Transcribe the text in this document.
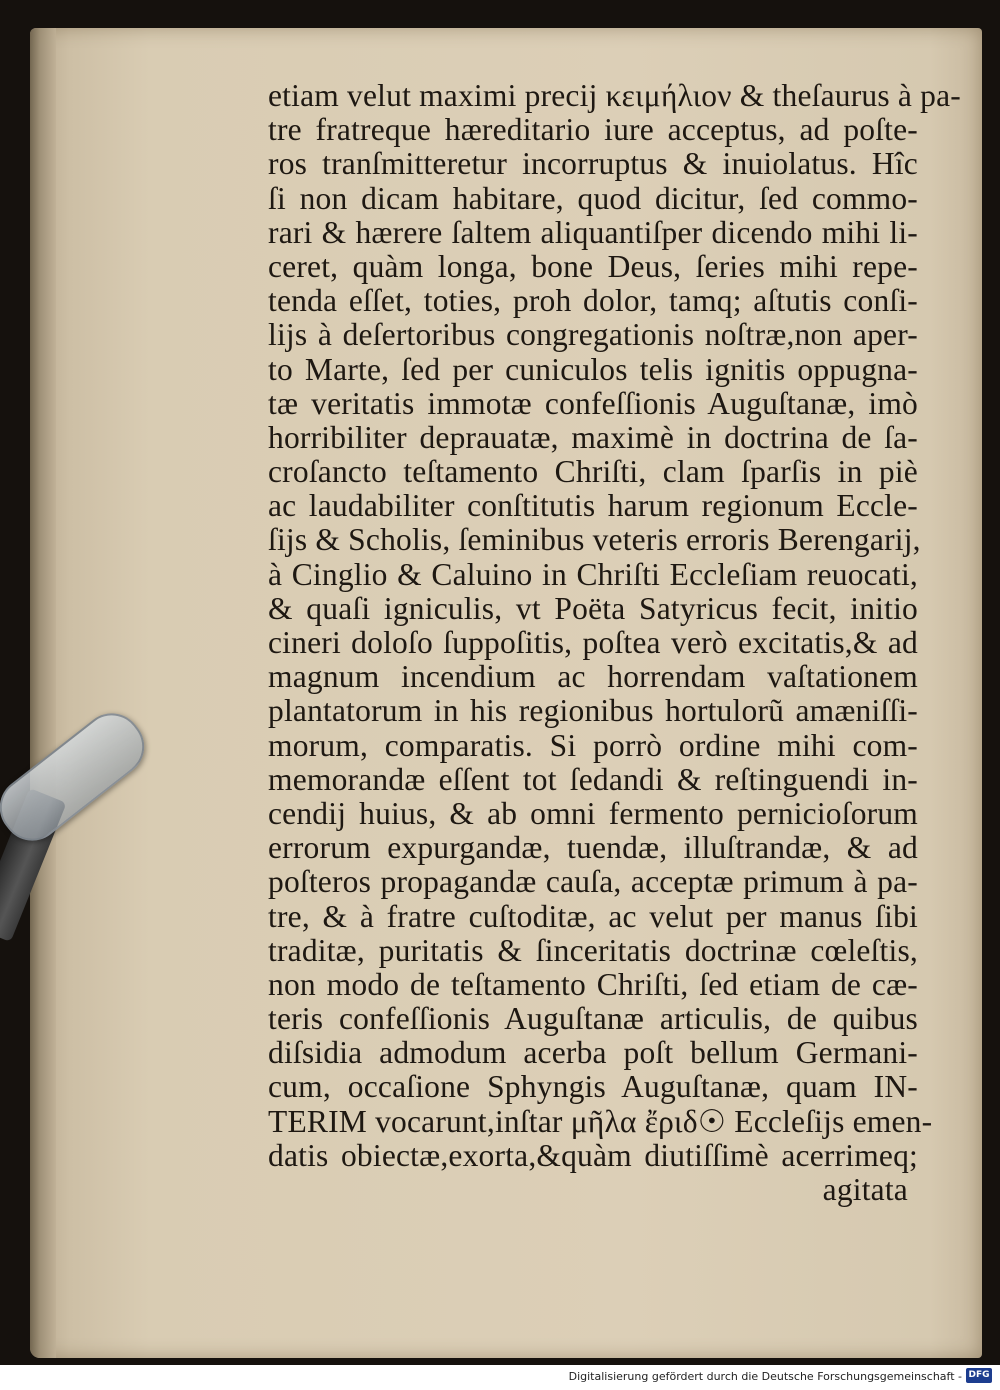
etiam velut maximi precij κειμήλιον & theſaurus à pa-
tre fratreque hæreditario iure acceptus, ad poſte-
ros tranſmitteretur incorruptus & inuiolatus. Hîc
ſi non dicam habitare, quod dicitur, ſed commo-
rari & hærere ſaltem aliquantiſper dicendo mihi li-
ceret, quàm longa, bone Deus, ſeries mihi repe-
tenda eſſet, toties, proh dolor, tamq; aſtutis conſi-
lijs à deſertoribus congregationis noſtræ,non aper-
to Marte, ſed per cuniculos telis ignitis oppugna-
tæ veritatis immotæ confeſſionis Auguſtanæ, imò
horribiliter deprauatæ, maximè in doctrina de ſa-
croſancto teſtamento Chriſti, clam ſparſis in piè
ac laudabiliter conſtitutis harum regionum Eccle-
ſijs & Scholis, ſeminibus veteris erroris Berengarij,
à Cinglio & Caluino in Chriſti Eccleſiam reuocati,
& quaſi igniculis, vt Poëta Satyricus fecit, initio
cineri doloſo ſuppoſitis, poſtea verò excitatis,& ad
magnum incendium ac horrendam vaſtationem
plantatorum in his regionibus hortulorũ amæniſſi-
morum, comparatis. Si porrò ordine mihi com-
memorandæ eſſent tot ſedandi & reſtinguendi in-
cendij huius, & ab omni fermento pernicioſorum
errorum expurgandæ, tuendæ, illuſtrandæ, & ad
poſteros propagandæ cauſa, acceptæ primum à pa-
tre, & à fratre cuſtoditæ, ac velut per manus ſibi
traditæ, puritatis & ſinceritatis doctrinæ cœleſtis,
non modo de teſtamento Chriſti, ſed etiam de cæ-
teris confeſſionis Auguſtanæ articulis, de quibus
diſsidia admodum acerba poſt bellum Germani-
cum, occaſione Sphyngis Auguſtanæ, quam IN-
TERIM vocarunt,inſtar μῆλα ἔριδ☉ Eccleſijs emen-
datis obiectæ,exorta,&quàm diutiſſimè acerrimeq;
agitata
Digitalisierung gefördert durch die Deutsche Forschungsgemeinschaft - DFG
